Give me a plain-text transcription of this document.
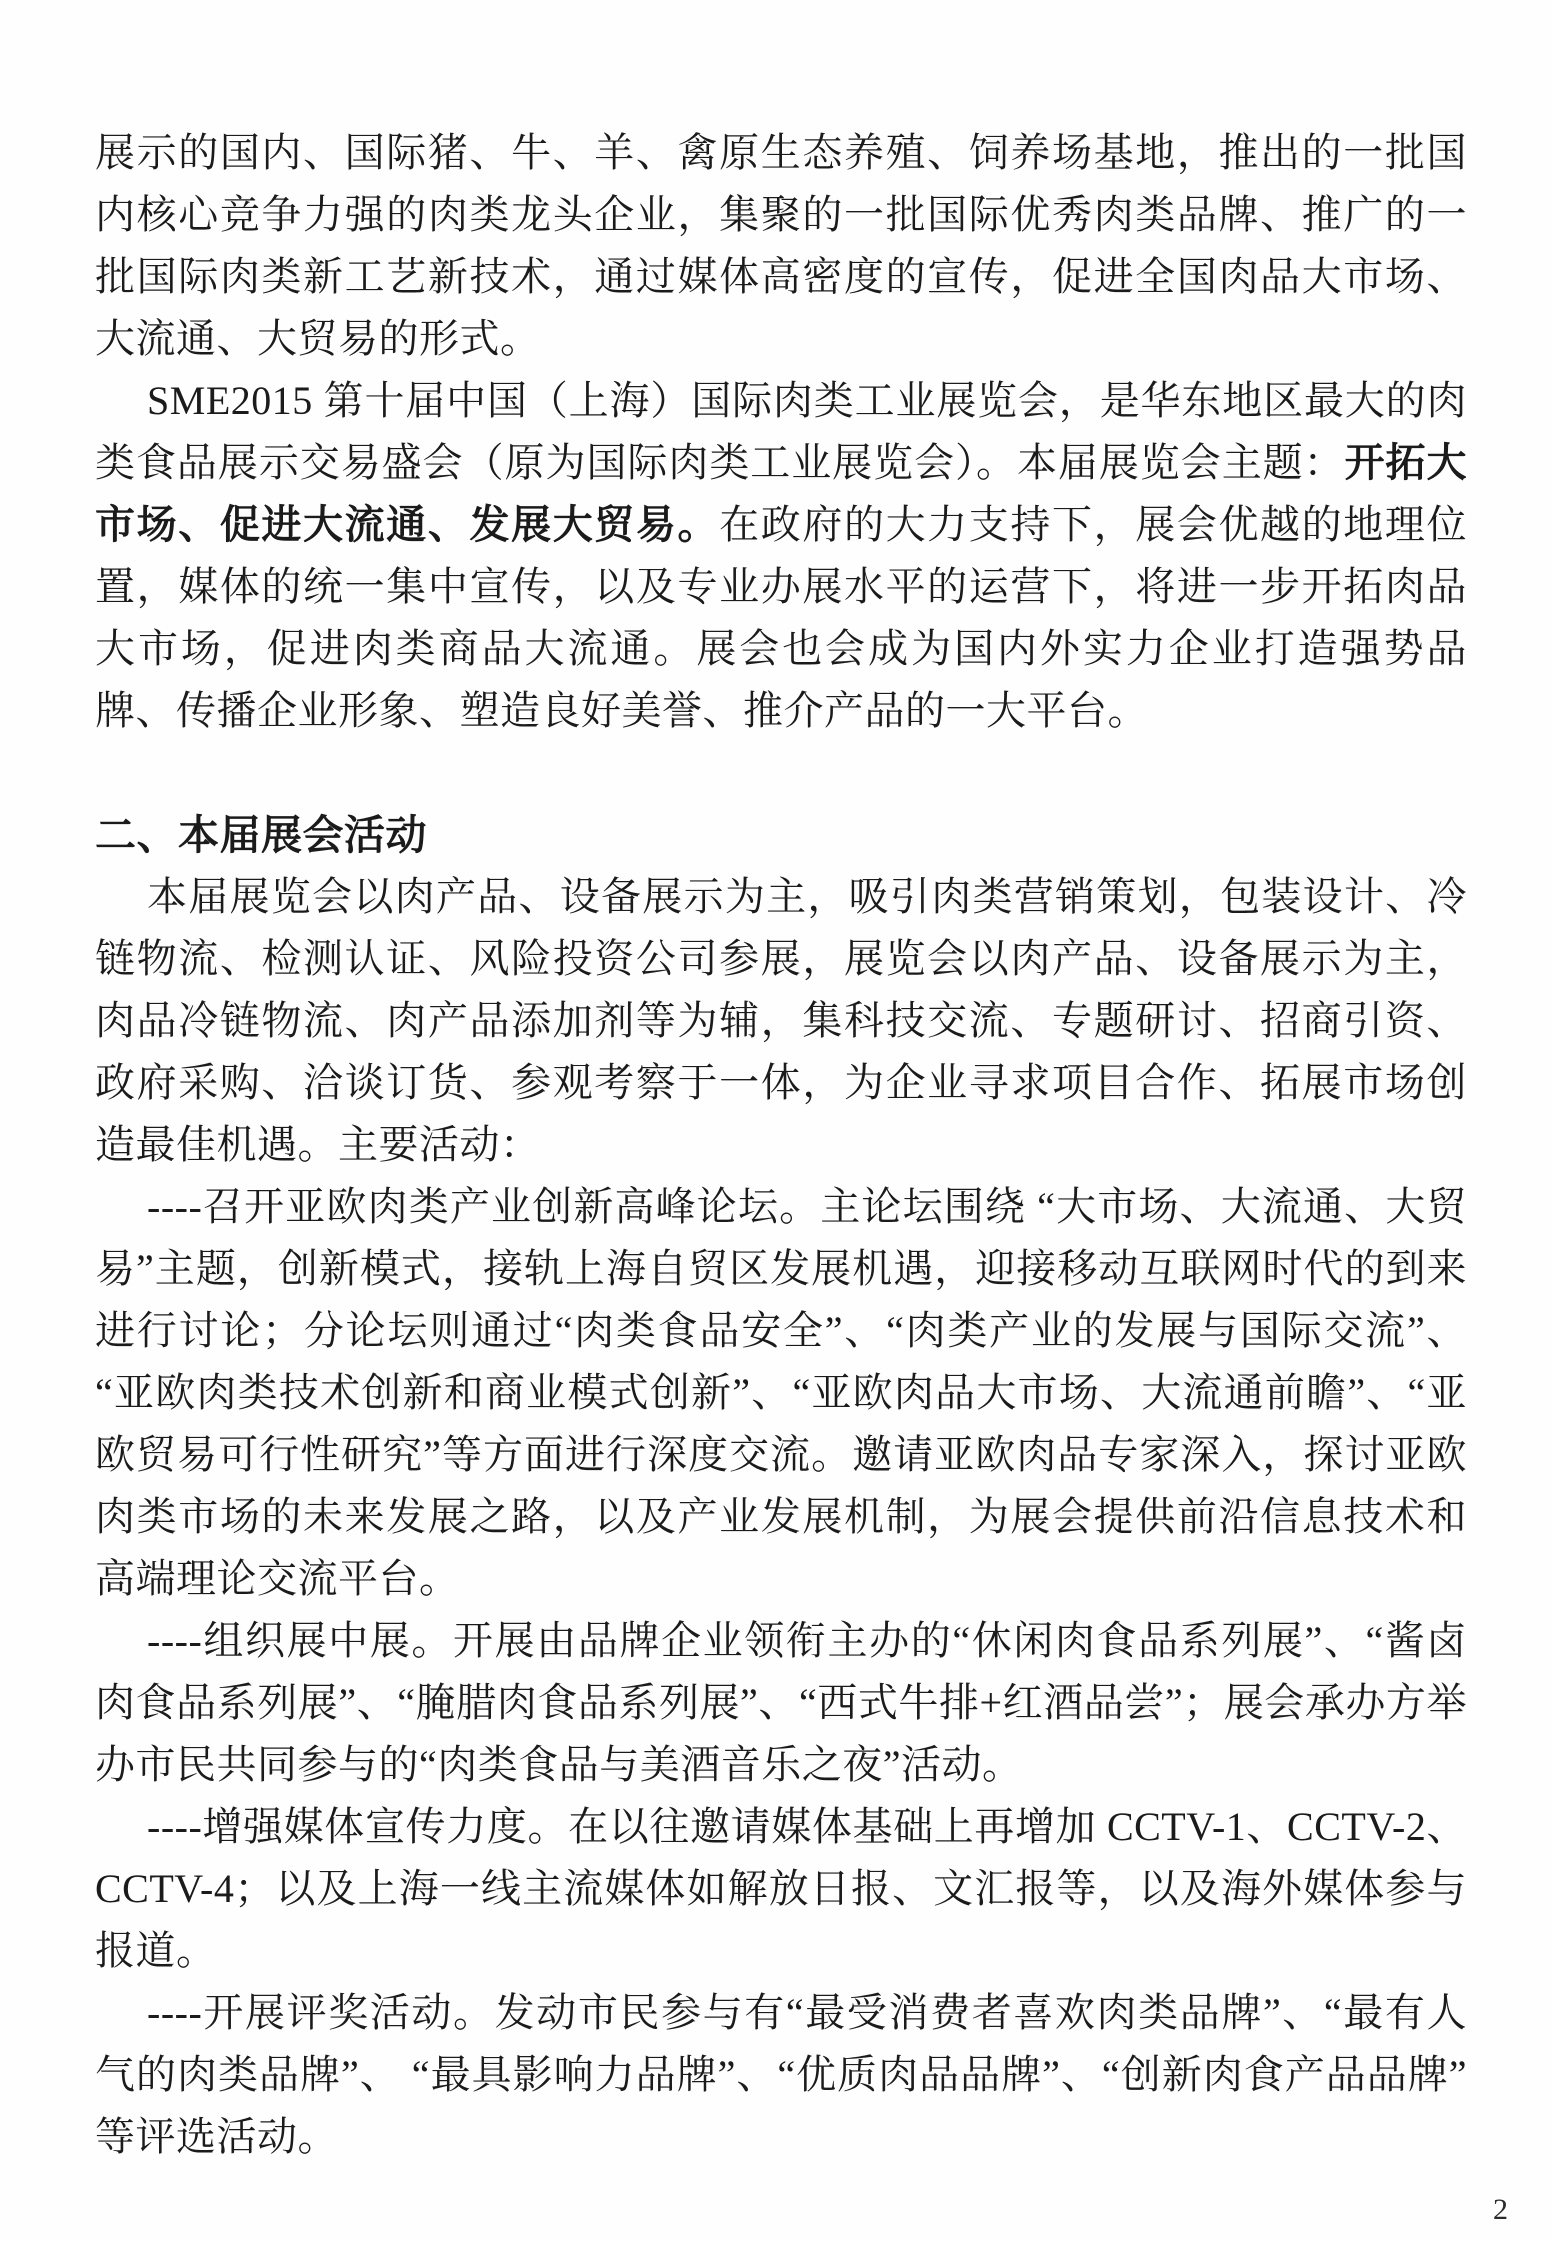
展示的国内、国际猪、牛、羊、禽原生态养殖、饲养场基地，推出的一批国内核心竞争力强的肉类龙头企业，集聚的一批国际优秀肉类品牌、推广的一批国际肉类新工艺新技术，通过媒体高密度的宣传，促进全国肉品大市场、大流通、大贸易的形式。

SME2015 第十届中国（上海）国际肉类工业展览会，是华东地区最大的肉类食品展示交易盛会（原为国际肉类工业展览会）。本届展览会主题：开拓大市场、促进大流通、发展大贸易。在政府的大力支持下，展会优越的地理位置，媒体的统一集中宣传，以及专业办展水平的运营下，将进一步开拓肉品大市场，促进肉类商品大流通。展会也会成为国内外实力企业打造强势品牌、传播企业形象、塑造良好美誉、推介产品的一大平台。

二、本届展会活动

本届展览会以肉产品、设备展示为主，吸引肉类营销策划，包装设计、冷链物流、检测认证、风险投资公司参展，展览会以肉产品、设备展示为主，肉品冷链物流、肉产品添加剂等为辅，集科技交流、专题研讨、招商引资、政府采购、洽谈订货、参观考察于一体，为企业寻求项目合作、拓展市场创造最佳机遇。主要活动：

----召开亚欧肉类产业创新高峰论坛。主论坛围绕 “大市场、大流通、大贸易”主题，创新模式，接轨上海自贸区发展机遇，迎接移动互联网时代的到来进行讨论；分论坛则通过“肉类食品安全”、“肉类产业的发展与国际交流”、“亚欧肉类技术创新和商业模式创新”、“亚欧肉品大市场、大流通前瞻”、“亚欧贸易可行性研究”等方面进行深度交流。邀请亚欧肉品专家深入，探讨亚欧肉类市场的未来发展之路，以及产业发展机制，为展会提供前沿信息技术和高端理论交流平台。

----组织展中展。开展由品牌企业领衔主办的“休闲肉食品系列展”、“酱卤肉食品系列展”、“腌腊肉食品系列展”、“西式牛排+红酒品尝”；展会承办方举办市民共同参与的“肉类食品与美酒音乐之夜”活动。

----增强媒体宣传力度。在以往邀请媒体基础上再增加 CCTV-1、CCTV-2、CCTV-4；以及上海一线主流媒体如解放日报、文汇报等，以及海外媒体参与报道。

----开展评奖活动。发动市民参与有“最受消费者喜欢肉类品牌”、“最有人气的肉类品牌”、 “最具影响力品牌”、“优质肉品品牌”、“创新肉食产品品牌”等评选活动。

2
